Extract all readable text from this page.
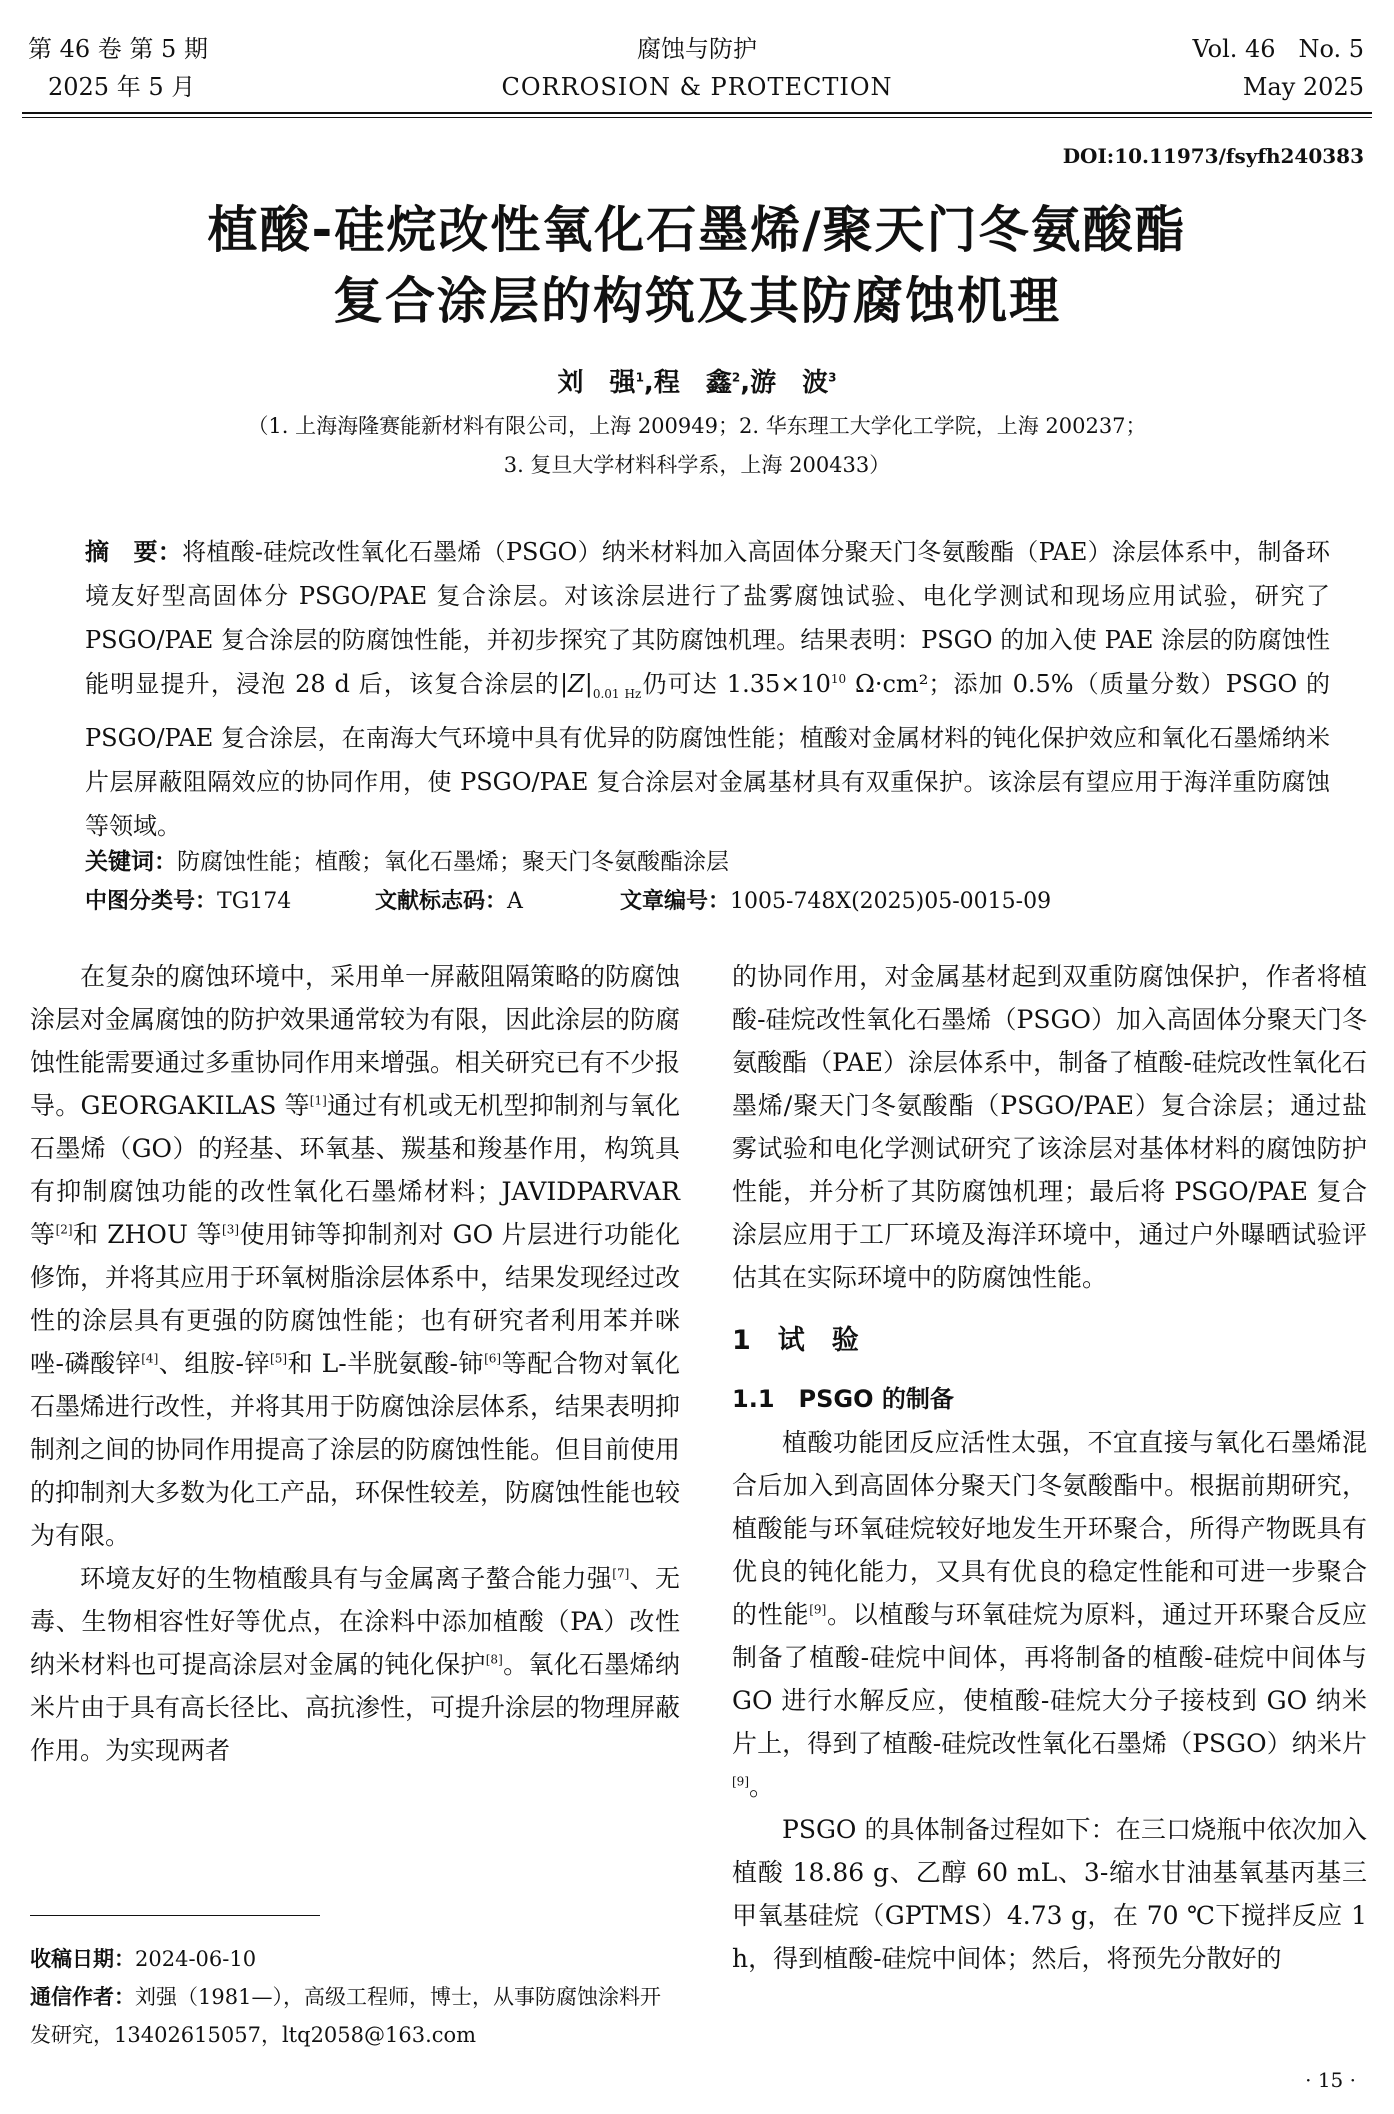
第 46 卷 第 5 期
2025 年 5 月
腐蚀与防护
CORROSION & PROTECTION
Vol. 46   No. 5
May 2025
DOI:10.11973/fsyfh240383
植酸-硅烷改性氧化石墨烯/聚天门冬氨酸酯
复合涂层的构筑及其防腐蚀机理
刘　强$^1$,程　鑫$^2$,游　波$^3$
（1. 上海海隆赛能新材料有限公司，上海 200949；2. 华东理工大学化工学院，上海 200237；
3. 复旦大学材料科学系，上海 200433）
摘　要：将植酸-硅烷改性氧化石墨烯（PSGO）纳米材料加入高固体分聚天门冬氨酸酯（PAE）涂层体系中，制备环境友好型高固体分 PSGO/PAE 复合涂层。对该涂层进行了盐雾腐蚀试验、电化学测试和现场应用试验，研究了 PSGO/PAE 复合涂层的防腐蚀性能，并初步探究了其防腐蚀机理。结果表明：PSGO 的加入使 PAE 涂层的防腐蚀性能明显提升，浸泡 28 d 后，该复合涂层的$|Z|_{0.01 Hz}$仍可达 $1.35\times 10^{10}$ Ω·cm²；添加 0.5%（质量分数）PSGO 的 PSGO/PAE 复合涂层，在南海大气环境中具有优异的防腐蚀性能；植酸对金属材料的钝化保护效应和氧化石墨烯纳米片层屏蔽阻隔效应的协同作用，使 PSGO/PAE 复合涂层对金属基材具有双重保护。该涂层有望应用于海洋重防腐蚀等领域。
关键词：防腐蚀性能；植酸；氧化石墨烯；聚天门冬氨酸酯涂层
中图分类号：TG174	文献标志码：A	文章编号：1005-748X(2025)05-0015-09

在复杂的腐蚀环境中，采用单一屏蔽阻隔策略的防腐蚀涂层对金属腐蚀的防护效果通常较为有限，因此涂层的防腐蚀性能需要通过多重协同作用来增强。相关研究已有不少报导。GEORGAKILAS 等[1]通过有机或无机型抑制剂与氧化石墨烯（GO）的羟基、环氧基、羰基和羧基作用，构筑具有抑制腐蚀功能的改性氧化石墨烯材料；JAVIDPARVAR 等[2]和 ZHOU 等[3]使用铈等抑制剂对 GO 片层进行功能化修饰，并将其应用于环氧树脂涂层体系中，结果发现经过改性的涂层具有更强的防腐蚀性能；也有研究者利用苯并咪唑-磷酸锌[4]、组胺-锌[5]和 L-半胱氨酸-铈[6]等配合物对氧化石墨烯进行改性，并将其用于防腐蚀涂层体系，结果表明抑制剂之间的协同作用提高了涂层的防腐蚀性能。但目前使用的抑制剂大多数为化工产品，环保性较差，防腐蚀性能也较为有限。

环境友好的生物植酸具有与金属离子螯合能力强[7]、无毒、生物相容性好等优点，在涂料中添加植酸（PA）改性纳米材料也可提高涂层对金属的钝化保护[8]。氧化石墨烯纳米片由于具有高长径比、高抗渗性，可提升涂层的物理屏蔽作用。为实现两者

收稿日期：2024-06-10
通信作者：刘强（1981—），高级工程师，博士，从事防腐蚀涂料开发研究，13402615057，ltq2058@163.com

的协同作用，对金属基材起到双重防腐蚀保护，作者将植酸-硅烷改性氧化石墨烯（PSGO）加入高固体分聚天门冬氨酸酯（PAE）涂层体系中，制备了植酸-硅烷改性氧化石墨烯/聚天门冬氨酸酯（PSGO/PAE）复合涂层；通过盐雾试验和电化学测试研究了该涂层对基体材料的腐蚀防护性能，并分析了其防腐蚀机理；最后将 PSGO/PAE 复合涂层应用于工厂环境及海洋环境中，通过户外曝晒试验评估其在实际环境中的防腐蚀性能。

1　 试　验
1.1　 PSGO 的制备

植酸功能团反应活性太强，不宜直接与氧化石墨烯混合后加入到高固体分聚天门冬氨酸酯中。根据前期研究，植酸能与环氧硅烷较好地发生开环聚合，所得产物既具有优良的钝化能力，又具有优良的稳定性能和可进一步聚合的性能[9]。以植酸与环氧硅烷为原料，通过开环聚合反应制备了植酸-硅烷中间体，再将制备的植酸-硅烷中间体与 GO 进行水解反应，使植酸-硅烷大分子接枝到 GO 纳米片上，得到了植酸-硅烷改性氧化石墨烯（PSGO）纳米片[9]。

PSGO 的具体制备过程如下：在三口烧瓶中依次加入植酸 18.86 g、乙醇 60 mL、3-缩水甘油基氧基丙基三甲氧基硅烷（GPTMS）4.73 g，在 70 ℃下搅拌反应 1 h，得到植酸-硅烷中间体；然后，将预先分散好的

· 15 ·
